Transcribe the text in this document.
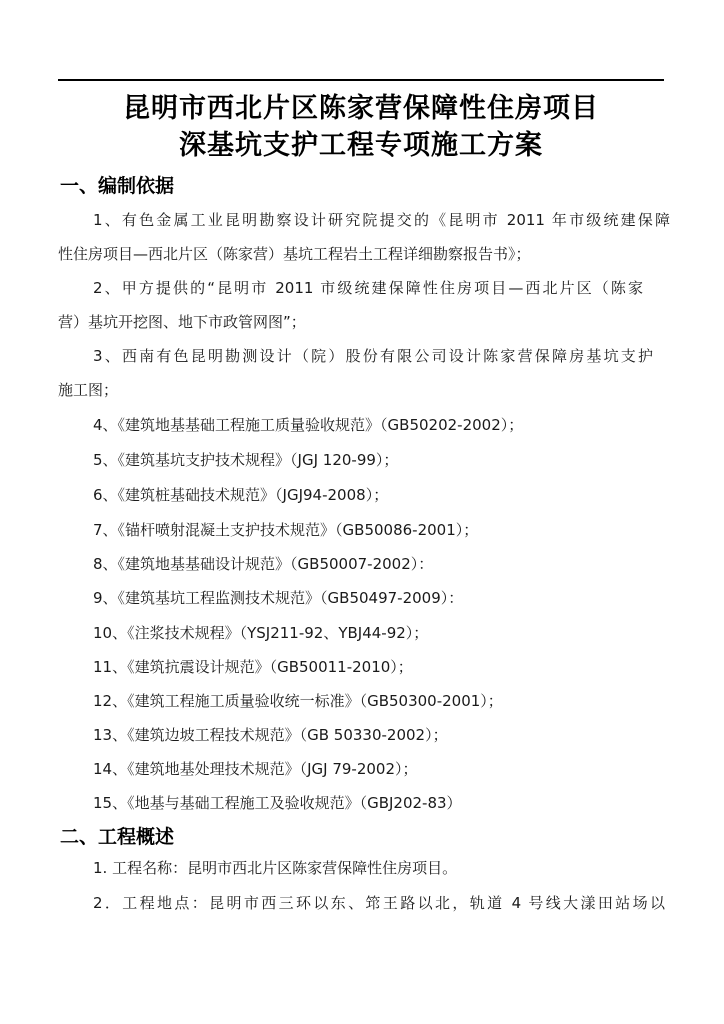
昆明市西北片区陈家营保障性住房项目
深基坑支护工程专项施工方案
一、编制依据
1、有色金属工业昆明勘察设计研究院提交的《昆明市 2011 年市级统建保障
性住房项目—西北片区（陈家营）基坑工程岩土工程详细勘察报告书》；
2、甲方提供的“昆明市 2011 市级统建保障性住房项目—西北片区（陈家
营）基坑开挖图、地下市政管网图”；
3、西南有色昆明勘测设计（院）股份有限公司设计陈家营保障房基坑支护
施工图；
4、《建筑地基基础工程施工质量验收规范》（GB50202-2002）；
5、《建筑基坑支护技术规程》（JGJ 120-99）；
6、《建筑桩基础技术规范》（JGJ94-2008）；
7、《锚杆喷射混凝土支护技术规范》（GB50086-2001）；
8、《建筑地基基础设计规范》（GB50007-2002）：
9、《建筑基坑工程监测技术规范》（GB50497-2009）：
10、《注浆技术规程》（YSJ211-92、YBJ44-92）；
11、《建筑抗震设计规范》（GB50011-2010）；
12、《建筑工程施工质量验收统一标准》（GB50300-2001）；
13、《建筑边坡工程技术规范》（GB 50330-2002）；
14、《建筑地基处理技术规范》（JGJ 79-2002）；
15、《地基与基础工程施工及验收规范》（GBJ202-83）
二、工程概述
1. 工程名称：昆明市西北片区陈家营保障性住房项目。
2．工程地点：昆明市西三环以东、筇王路以北，轨道 4 号线大漾田站场以
